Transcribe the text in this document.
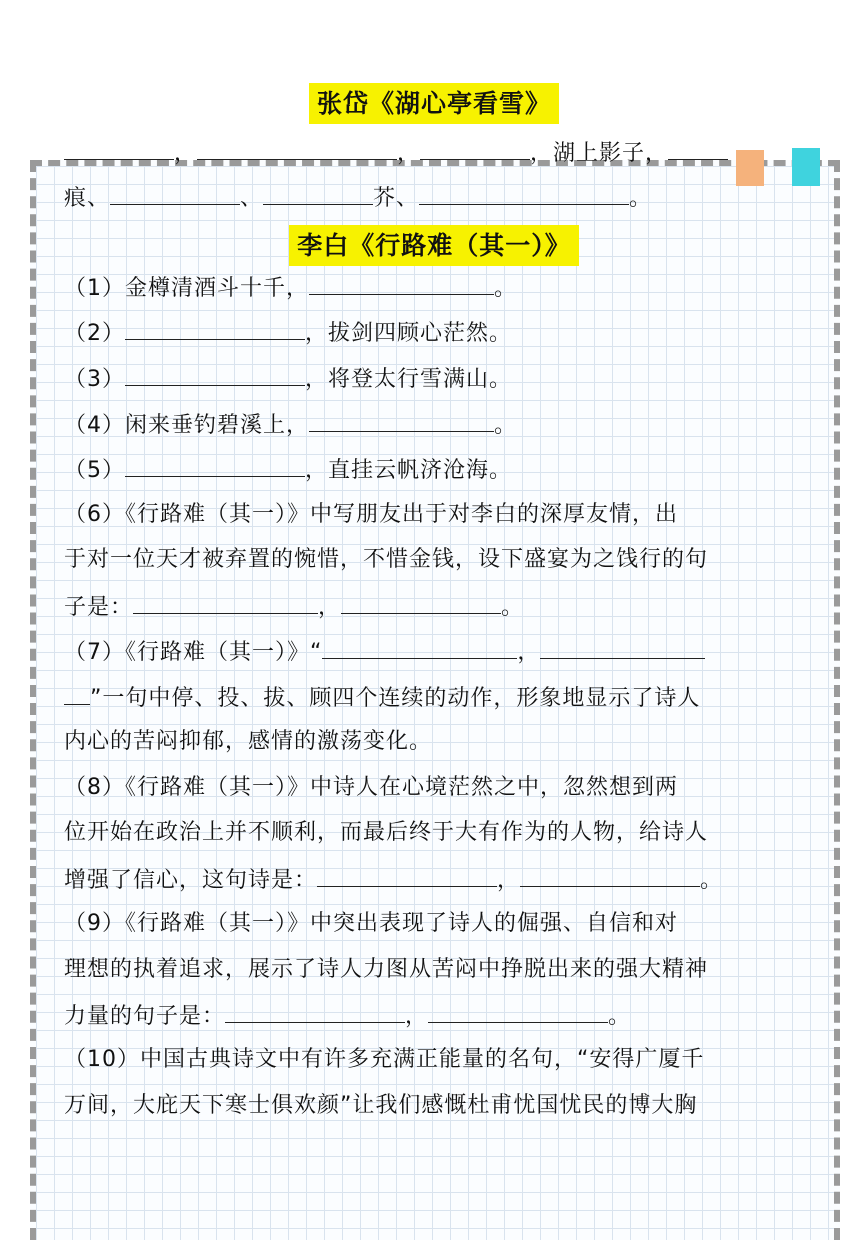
张岱《湖心亭看雪》
，	，	，湖上影子，
痕、	、	芥、	。
李白《行路难（其一）》
（1）金樽清酒斗十千，	。
（2）	，拔剑四顾心茫然。
（3）	，将登太行雪满山。
（4）闲来垂钓碧溪上，	。
（5）	，直挂云帆济沧海。
（6）《行路难（其一）》中写朋友出于对李白的深厚友情，出
于对一位天才被弃置的惋惜，不惜金钱，设下盛宴为之饯行的句
子是：	，	。
（7）《行路难（其一）》“	，
”一句中停、投、拔、顾四个连续的动作，形象地显示了诗人
内心的苦闷抑郁，感情的激荡变化。
（8）《行路难（其一）》中诗人在心境茫然之中，忽然想到两
位开始在政治上并不顺利，而最后终于大有作为的人物，给诗人
增强了信心，这句诗是：	，	。
（9）《行路难（其一）》中突出表现了诗人的倔强、自信和对
理想的执着追求，展示了诗人力图从苦闷中挣脱出来的强大精神
力量的句子是：	，	。
（10）中国古典诗文中有许多充满正能量的名句，“安得广厦千
万间，大庇天下寒士俱欢颜”让我们感慨杜甫忧国忧民的博大胸
